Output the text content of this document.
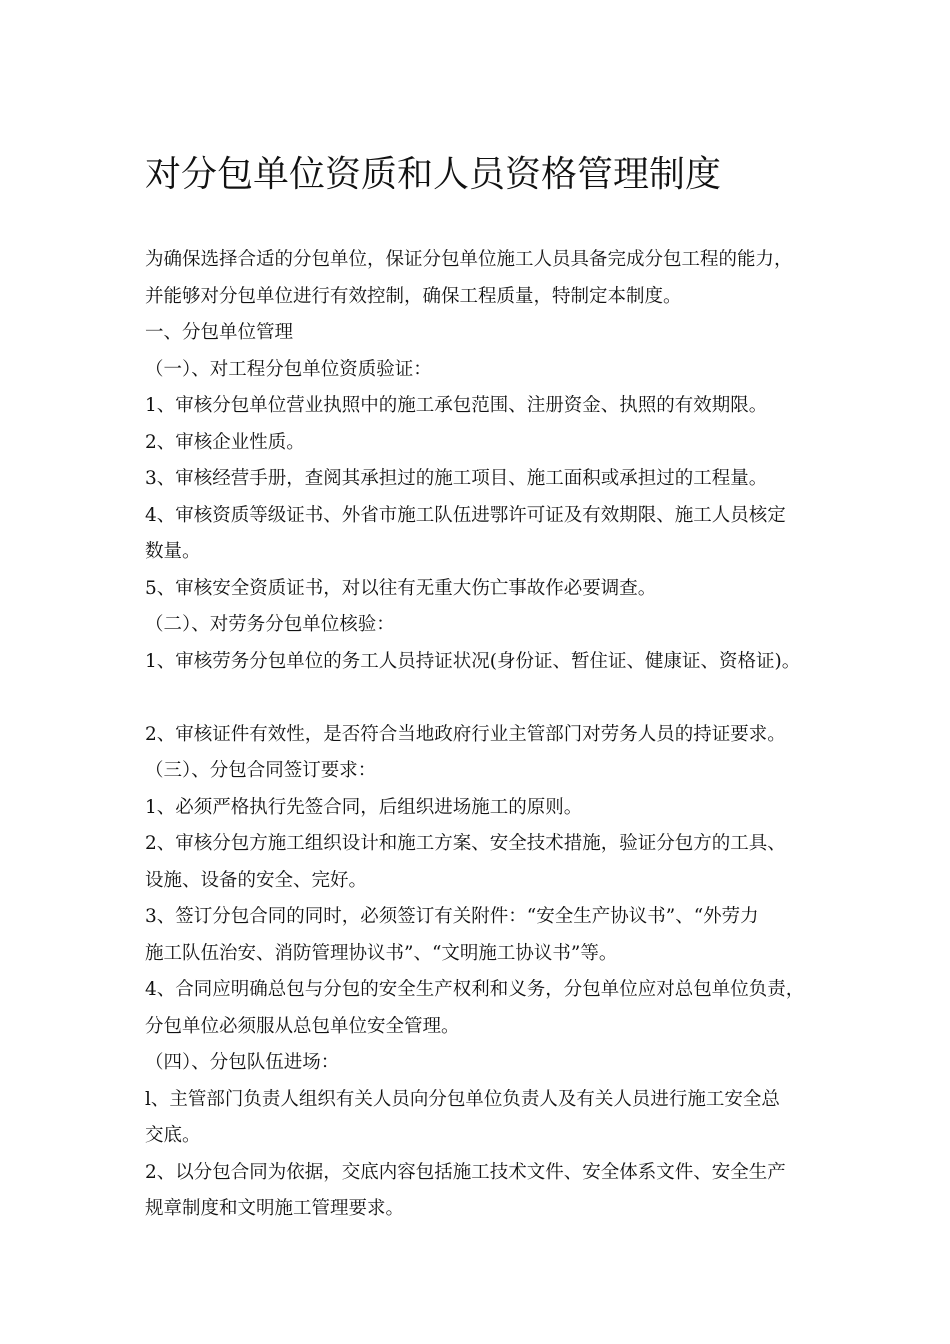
对分包单位资质和人员资格管理制度
为确保选择合适的分包单位，保证分包单位施工人员具备完成分包工程的能力，
并能够对分包单位进行有效控制，确保工程质量，特制定本制度。
一、分包单位管理
（一）、对工程分包单位资质验证：
1、审核分包单位营业执照中的施工承包范围、注册资金、执照的有效期限。
2、审核企业性质。
3、审核经营手册，查阅其承担过的施工项目、施工面积或承担过的工程量。
4、审核资质等级证书、外省市施工队伍进鄂许可证及有效期限、施工人员核定
数量。
5、审核安全资质证书，对以往有无重大伤亡事故作必要调查。
（二）、对劳务分包单位核验：
1、审核劳务分包单位的务工人员持证状况(身份证、暂住证、健康证、资格证)。
2、审核证件有效性，是否符合当地政府行业主管部门对劳务人员的持证要求。
（三）、分包合同签订要求：
1、必须严格执行先签合同，后组织进场施工的原则。
2、审核分包方施工组织设计和施工方案、安全技术措施，验证分包方的工具、
设施、设备的安全、完好。
3、签订分包合同的同时，必须签订有关附件：“安全生产协议书”、“外劳力
施工队伍治安、消防管理协议书”、“文明施工协议书”等。
4、合同应明确总包与分包的安全生产权利和义务，分包单位应对总包单位负责，
分包单位必须服从总包单位安全管理。
（四）、分包队伍进场：
l、主管部门负责人组织有关人员向分包单位负责人及有关人员进行施工安全总
交底。
2、以分包合同为依据，交底内容包括施工技术文件、安全体系文件、安全生产
规章制度和文明施工管理要求。
